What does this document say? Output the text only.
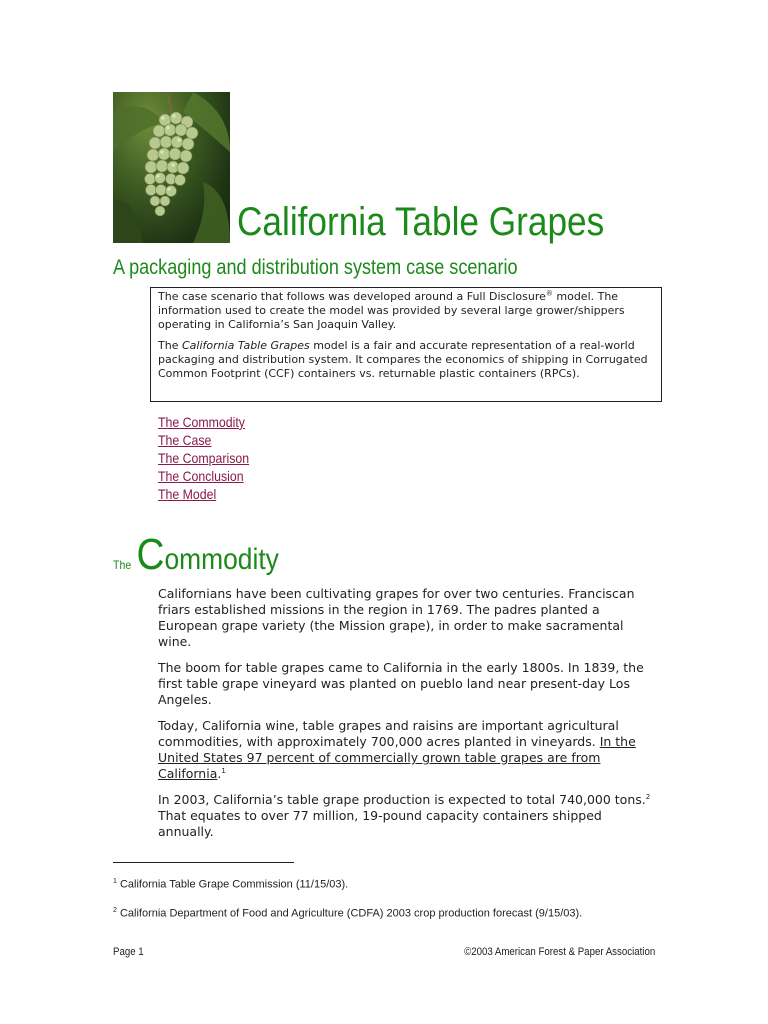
California Table Grapes
A packaging and distribution system case scenario

The case scenario that follows was developed around a Full Disclosure® model. The information used to create the model was provided by several large grower/shippers operating in California’s San Joaquin Valley.

The California Table Grapes model is a fair and accurate representation of a real-world packaging and distribution system. It compares the economics of shipping in Corrugated Common Footprint (CCF) containers vs. returnable plastic containers (RPCs).

The Commodity
The Case
The Comparison
The Conclusion
The Model
The Commodity

Californians have been cultivating grapes for over two centuries. Franciscan friars established missions in the region in 1769. The padres planted a European grape variety (the Mission grape), in order to make sacramental wine.

The boom for table grapes came to California in the early 1800s. In 1839, the first table grape vineyard was planted on pueblo land near present-day Los Angeles.

Today, California wine, table grapes and raisins are important agricultural commodities, with approximately 700,000 acres planted in vineyards. In the United States 97 percent of commercially grown table grapes are from California.$^1$

In 2003, California’s table grape production is expected to total 740,000 tons.$^2$ That equates to over 77 million, 19-pound capacity containers shipped annually.

$^1$ California Table Grape Commission (11/15/03).
$^2$ California Department of Food and Agriculture (CDFA) 2003 crop production forecast (9/15/03).
Page 1	©2003 American Forest & Paper Association
